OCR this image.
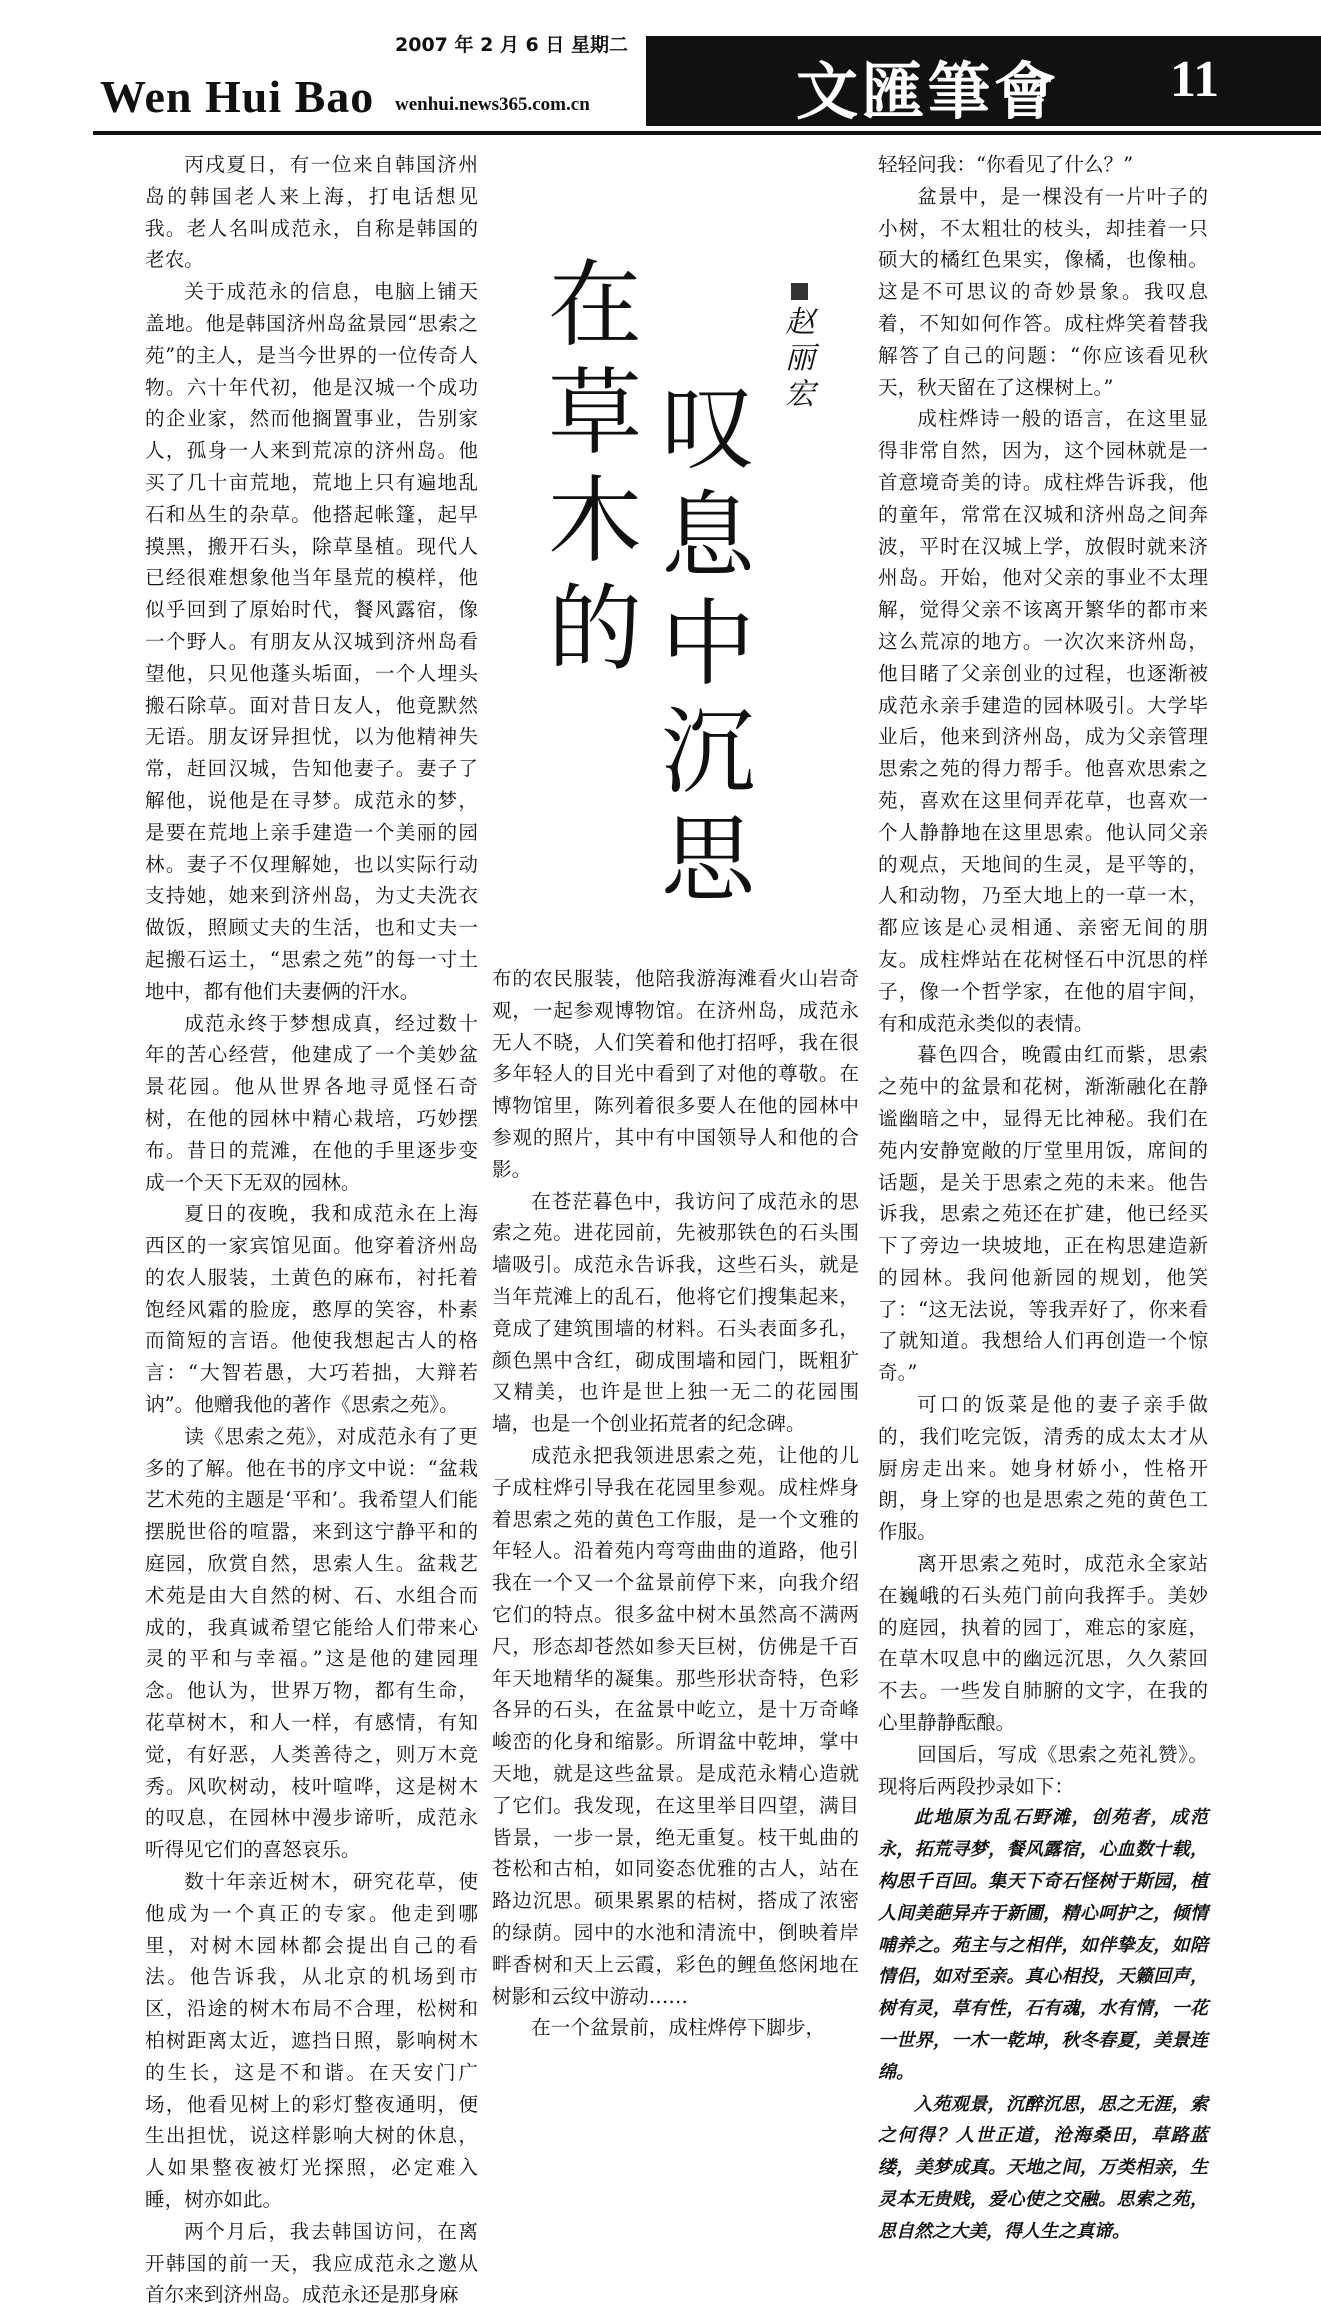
Wen Hui Bao
2007 年 2 月 6 日 星期二
wenhui.news365.com.cn	文匯筆會 11
在
草
木
的
叹
息
中
沉
思
赵
丽
宏

丙戌夏日，有一位来自韩国济州岛的韩国老人来上海，打电话想见我。老人名叫成范永，自称是韩国的老农。

关于成范永的信息，电脑上铺天盖地。他是韩国济州岛盆景园“思索之苑”的主人，是当今世界的一位传奇人物。六十年代初，他是汉城一个成功的企业家，然而他搁置事业，告别家人，孤身一人来到荒凉的济州岛。他买了几十亩荒地，荒地上只有遍地乱石和丛生的杂草。他搭起帐篷，起早摸黑，搬开石头，除草垦植。现代人已经很难想象他当年垦荒的模样，他似乎回到了原始时代，餐风露宿，像一个野人。有朋友从汉城到济州岛看望他，只见他蓬头垢面，一个人埋头搬石除草。面对昔日友人，他竟默然无语。朋友讶异担忧，以为他精神失常，赶回汉城，告知他妻子。妻子了解他，说他是在寻梦。成范永的梦，是要在荒地上亲手建造一个美丽的园林。妻子不仅理解她，也以实际行动支持她，她来到济州岛，为丈夫洗衣做饭，照顾丈夫的生活，也和丈夫一起搬石运土，“思索之苑”的每一寸土地中，都有他们夫妻俩的汗水。

成范永终于梦想成真，经过数十年的苦心经营，他建成了一个美妙盆景花园。他从世界各地寻觅怪石奇树，在他的园林中精心栽培，巧妙摆布。昔日的荒滩，在他的手里逐步变成一个天下无双的园林。

夏日的夜晚，我和成范永在上海西区的一家宾馆见面。他穿着济州岛的农人服装，土黄色的麻布，衬托着饱经风霜的脸庞，憨厚的笑容，朴素而简短的言语。他使我想起古人的格言：“大智若愚，大巧若拙，大辩若讷”。他赠我他的著作《思索之苑》。

读《思索之苑》，对成范永有了更多的了解。他在书的序文中说：“盆栽艺术苑的主题是‘平和’。我希望人们能摆脱世俗的喧嚣，来到这宁静平和的庭园，欣赏自然，思索人生。盆栽艺术苑是由大自然的树、石、水组合而成的，我真诚希望它能给人们带来心灵的平和与幸福。”这是他的建园理念。他认为，世界万物，都有生命，花草树木，和人一样，有感情，有知觉，有好恶，人类善待之，则万木竞秀。风吹树动，枝叶喧哗，这是树木的叹息，在园林中漫步谛听，成范永听得见它们的喜怒哀乐。

数十年亲近树木，研究花草，使他成为一个真正的专家。他走到哪里，对树木园林都会提出自己的看法。他告诉我，从北京的机场到市区，沿途的树木布局不合理，松树和柏树距离太近，遮挡日照，影响树木的生长，这是不和谐。在天安门广场，他看见树上的彩灯整夜通明，便生出担忧，说这样影响大树的休息，人如果整夜被灯光探照，必定难入睡，树亦如此。

两个月后，我去韩国访问，在离开韩国的前一天，我应成范永之邀从首尔来到济州岛。成范永还是那身麻

布的农民服装，他陪我游海滩看火山岩奇观，一起参观博物馆。在济州岛，成范永无人不晓，人们笑着和他打招呼，我在很多年轻人的目光中看到了对他的尊敬。在博物馆里，陈列着很多要人在他的园林中参观的照片，其中有中国领导人和他的合影。

在苍茫暮色中，我访问了成范永的思索之苑。进花园前，先被那铁色的石头围墙吸引。成范永告诉我，这些石头，就是当年荒滩上的乱石，他将它们搜集起来，竟成了建筑围墙的材料。石头表面多孔，颜色黑中含红，砌成围墙和园门，既粗犷又精美，也许是世上独一无二的花园围墙，也是一个创业拓荒者的纪念碑。

成范永把我领进思索之苑，让他的儿子成柱烨引导我在花园里参观。成柱烨身着思索之苑的黄色工作服，是一个文雅的年轻人。沿着苑内弯弯曲曲的道路，他引我在一个又一个盆景前停下来，向我介绍它们的特点。很多盆中树木虽然高不满两尺，形态却苍然如参天巨树，仿佛是千百年天地精华的凝集。那些形状奇特，色彩各异的石头，在盆景中屹立，是十万奇峰峻峦的化身和缩影。所谓盆中乾坤，掌中天地，就是这些盆景。是成范永精心造就了它们。我发现，在这里举目四望，满目皆景，一步一景，绝无重复。枝干虬曲的苍松和古柏，如同姿态优雅的古人，站在路边沉思。硕果累累的桔树，搭成了浓密的绿荫。园中的水池和清流中，倒映着岸畔香树和天上云霞，彩色的鲤鱼悠闲地在树影和云纹中游动……

在一个盆景前，成柱烨停下脚步，

轻轻问我：“你看见了什么？”

盆景中，是一棵没有一片叶子的小树，不太粗壮的枝头，却挂着一只硕大的橘红色果实，像橘，也像柚。这是不可思议的奇妙景象。我叹息着，不知如何作答。成柱烨笑着替我解答了自己的问题：“你应该看见秋天，秋天留在了这棵树上。”

成柱烨诗一般的语言，在这里显得非常自然，因为，这个园林就是一首意境奇美的诗。成柱烨告诉我，他的童年，常常在汉城和济州岛之间奔波，平时在汉城上学，放假时就来济州岛。开始，他对父亲的事业不太理解，觉得父亲不该离开繁华的都市来这么荒凉的地方。一次次来济州岛，他目睹了父亲创业的过程，也逐渐被成范永亲手建造的园林吸引。大学毕业后，他来到济州岛，成为父亲管理思索之苑的得力帮手。他喜欢思索之苑，喜欢在这里伺弄花草，也喜欢一个人静静地在这里思索。他认同父亲的观点，天地间的生灵，是平等的，人和动物，乃至大地上的一草一木，都应该是心灵相通、亲密无间的朋友。成柱烨站在花树怪石中沉思的样子，像一个哲学家，在他的眉宇间，有和成范永类似的表情。

暮色四合，晚霞由红而紫，思索之苑中的盆景和花树，渐渐融化在静谧幽暗之中，显得无比神秘。我们在苑内安静宽敞的厅堂里用饭，席间的话题，是关于思索之苑的未来。他告诉我，思索之苑还在扩建，他已经买下了旁边一块坡地，正在构思建造新的园林。我问他新园的规划，他笑了：“这无法说，等我弄好了，你来看了就知道。我想给人们再创造一个惊奇。”

可口的饭菜是他的妻子亲手做的，我们吃完饭，清秀的成太太才从厨房走出来。她身材娇小，性格开朗，身上穿的也是思索之苑的黄色工作服。

离开思索之苑时，成范永全家站在巍峨的石头苑门前向我挥手。美妙的庭园，执着的园丁，难忘的家庭，在草木叹息中的幽远沉思，久久萦回不去。一些发自肺腑的文字，在我的心里静静酝酿。

回国后，写成《思索之苑礼赞》。现将后两段抄录如下：

此地原为乱石野滩，创苑者，成范永，拓荒寻梦，餐风露宿，心血数十载，构思千百回。集天下奇石怪树于斯园，植人间美葩异卉于新圃，精心呵护之，倾情哺养之。苑主与之相伴，如伴挚友，如陪情侣，如对至亲。真心相投，天籁回声，树有灵，草有性，石有魂，水有情，一花一世界，一木一乾坤，秋冬春夏，美景连绵。

入苑观景，沉醉沉思，思之无涯，索之何得？人世正道，沧海桑田，草路蓝缕，美梦成真。天地之间，万类相亲，生灵本无贵贱，爱心使之交融。思索之苑，思自然之大美，得人生之真谛。
